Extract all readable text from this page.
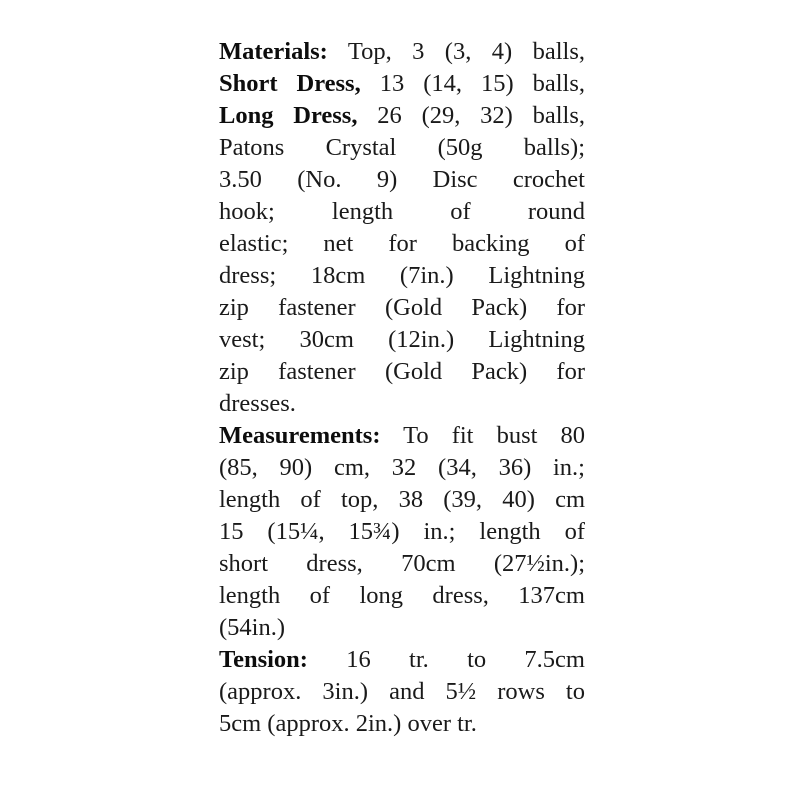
Materials: Top, 3 (3, 4) balls,
Short Dress, 13 (14, 15) balls,
Long Dress, 26 (29, 32) balls,
Patons Crystal (50g balls);
3.50 (No. 9) Disc crochet
hook; length of round
elastic; net for backing of
dress; 18cm (7in.) Lightning
zip fastener (Gold Pack) for
vest; 30cm (12in.) Lightning
zip fastener (Gold Pack) for
dresses.
Measurements: To fit bust 80
(85, 90) cm, 32 (34, 36) in.;
length of top, 38 (39, 40) cm
15 (15¼, 15¾) in.; length of
short dress, 70cm (27½in.);
length of long dress, 137cm
(54in.)
Tension: 16 tr. to 7.5cm
(approx. 3in.) and 5½ rows to
5cm (approx. 2in.) over tr.
